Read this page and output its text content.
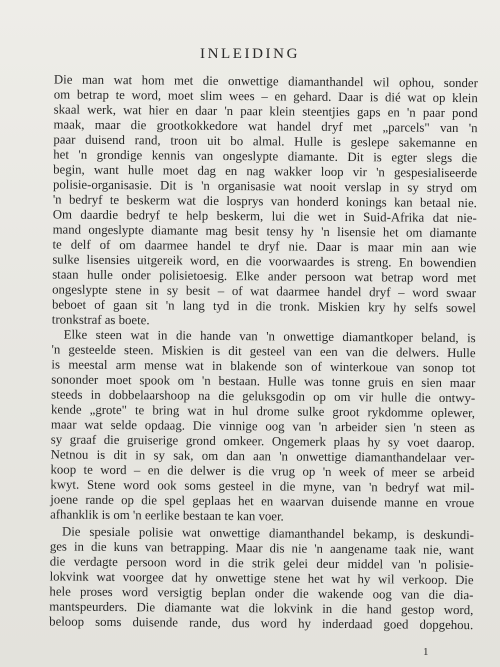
INLEIDING
Die man wat hom met die onwettige diamanthandel wil ophou, sonder
om betrap te word, moet slim wees – en gehard. Daar is dié wat op klein
skaal werk, wat hier en daar 'n paar klein steentjies gaps en 'n paar pond
maak, maar die grootkokkedore wat handel dryf met „parcels" van 'n
paar duisend rand, troon uit bo almal. Hulle is geslepe sakemanne en
het 'n grondige kennis van ongeslypte diamante. Dit is egter slegs die
begin, want hulle moet dag en nag wakker loop vir 'n gespesialiseerde
polisie-organisasie. Dit is 'n organisasie wat nooit verslap in sy stryd om
'n bedryf te beskerm wat die losprys van honderd konings kan betaal nie.
Om daardie bedryf te help beskerm, lui die wet in Suid-Afrika dat nie-
mand ongeslypte diamante mag besit tensy hy 'n lisensie het om diamante
te delf of om daarmee handel te dryf nie. Daar is maar min aan wie
sulke lisensies uitgereik word, en die voorwaardes is streng. En bowendien
staan hulle onder polisietoesig. Elke ander persoon wat betrap word met
ongeslypte stene in sy besit – of wat daarmee handel dryf – word swaar
beboet of gaan sit 'n lang tyd in die tronk. Miskien kry hy selfs sowel
tronkstraf as boete.
Elke steen wat in die hande van 'n onwettige diamantkoper beland, is
'n gesteelde steen. Miskien is dit gesteel van een van die delwers. Hulle
is meestal arm mense wat in blakende son of winterkoue van sonop tot
sononder moet spook om 'n bestaan. Hulle was tonne gruis en sien maar
steeds in dobbelaarshoop na die geluksgodin op om vir hulle die ontwy-
kende „grote" te bring wat in hul drome sulke groot rykdomme oplewer,
maar wat selde opdaag. Die vinnige oog van 'n arbeider sien 'n steen as
sy graaf die gruiserige grond omkeer. Ongemerk plaas hy sy voet daarop.
Netnou is dit in sy sak, om dan aan 'n onwettige diamanthandelaar ver-
koop te word – en die delwer is die vrug op 'n week of meer se arbeid
kwyt. Stene word ook soms gesteel in die myne, van 'n bedryf wat mil-
joene rande op die spel geplaas het en waarvan duisende manne en vroue
afhanklik is om 'n eerlike bestaan te kan voer.
Die spesiale polisie wat onwettige diamanthandel bekamp, is deskundi-
ges in die kuns van betrapping. Maar dis nie 'n aangename taak nie, want
die verdagte persoon word in die strik gelei deur middel van 'n polisie-
lokvink wat voorgee dat hy onwettige stene het wat hy wil verkoop. Die
hele proses word versigtig beplan onder die wakende oog van die dia-
mantspeurders. Die diamante wat die lokvink in die hand gestop word,
beloop soms duisende rande, dus word hy inderdaad goed dopgehou.
1
